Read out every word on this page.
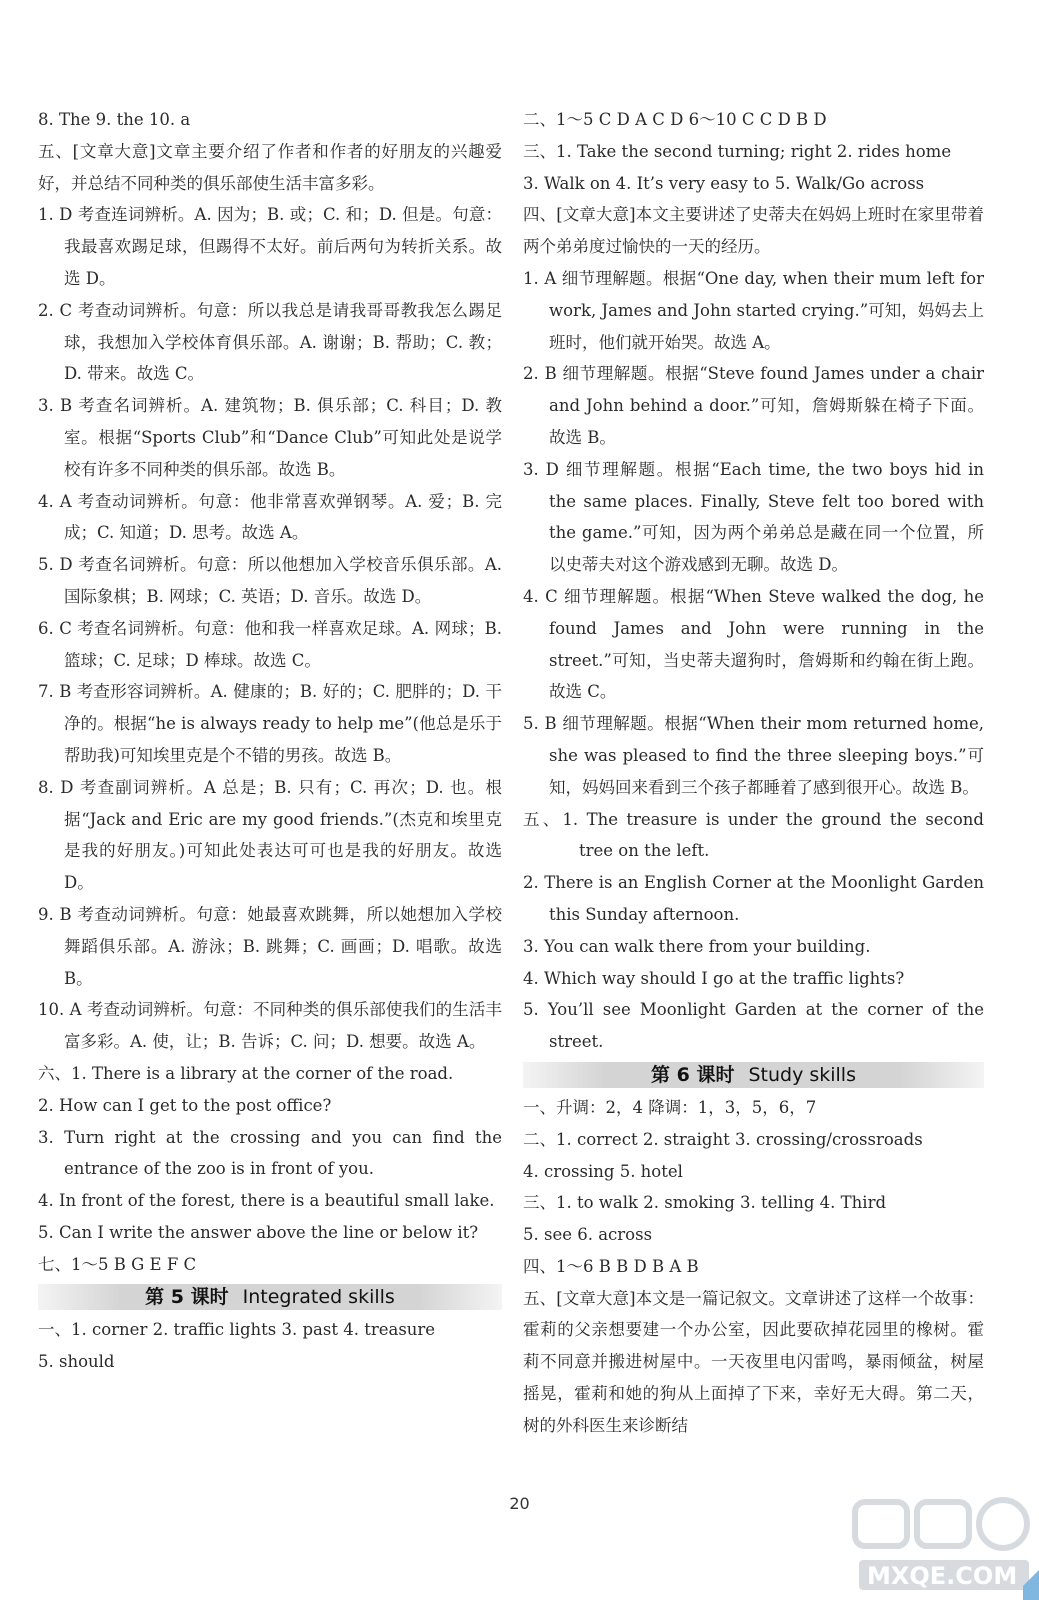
8. The 9. the 10. a

五、[文章大意]文章主要介绍了作者和作者的好朋友的兴趣爱好，并总结不同种类的俱乐部使生活丰富多彩。

1. D 考查连词辨析。A. 因为；B. 或；C. 和；D. 但是。句意：我最喜欢踢足球，但踢得不太好。前后两句为转折关系。故选 D。

2. C 考查动词辨析。句意：所以我总是请我哥哥教我怎么踢足球，我想加入学校体育俱乐部。A. 谢谢；B. 帮助；C. 教；D. 带来。故选 C。

3. B 考查名词辨析。A. 建筑物；B. 俱乐部；C. 科目；D. 教室。根据“Sports Club”和“Dance Club”可知此处是说学校有许多不同种类的俱乐部。故选 B。

4. A 考查动词辨析。句意：他非常喜欢弹钢琴。A. 爱；B. 完成；C. 知道；D. 思考。故选 A。

5. D 考查名词辨析。句意：所以他想加入学校音乐俱乐部。A. 国际象棋；B. 网球；C. 英语；D. 音乐。故选 D。

6. C 考查名词辨析。句意：他和我一样喜欢足球。A. 网球；B. 篮球；C. 足球；D 棒球。故选 C。

7. B 考查形容词辨析。A. 健康的；B. 好的；C. 肥胖的；D. 干净的。根据“he is always ready to help me”(他总是乐于帮助我)可知埃里克是个不错的男孩。故选 B。

8. D 考查副词辨析。A 总是；B. 只有；C. 再次；D. 也。根据“Jack and Eric are my good friends.”(杰克和埃里克是我的好朋友。)可知此处表达可可也是我的好朋友。故选 D。

9. B 考查动词辨析。句意：她最喜欢跳舞，所以她想加入学校舞蹈俱乐部。A. 游泳；B. 跳舞；C. 画画；D. 唱歌。故选 B。

10. A 考查动词辨析。句意：不同种类的俱乐部使我们的生活丰富多彩。A. 使，让；B. 告诉；C. 问；D. 想要。故选 A。

六、1. There is a library at the corner of the road.

2. How can I get to the post office?

3. Turn right at the crossing and you can find the entrance of the zoo is in front of you.

4. In front of the forest, there is a beautiful small lake.

5. Can I write the answer above the line or below it?

七、1～5 B G E F C

第 5 课时 Integrated skills

一、1. corner 2. traffic lights 3. past 4. treasure

5. should

二、1～5 C D A C D 6～10 C C D B D

三、1. Take the second turning; right 2. rides home

3. Walk on 4. It’s very easy to 5. Walk/Go across

四、[文章大意]本文主要讲述了史蒂夫在妈妈上班时在家里带着两个弟弟度过愉快的一天的经历。

1. A 细节理解题。根据“One day, when their mum left for work, James and John started crying.”可知，妈妈去上班时，他们就开始哭。故选 A。

2. B 细节理解题。根据“Steve found James under a chair and John behind a door.”可知，詹姆斯躲在椅子下面。故选 B。

3. D 细节理解题。根据“Each time, the two boys hid in the same places. Finally, Steve felt too bored with the game.”可知，因为两个弟弟总是藏在同一个位置，所以史蒂夫对这个游戏感到无聊。故选 D。

4. C 细节理解题。根据“When Steve walked the dog, he found James and John were running in the street.”可知，当史蒂夫遛狗时，詹姆斯和约翰在街上跑。故选 C。

5. B 细节理解题。根据“When their mom returned home, she was pleased to find the three sleeping boys.”可知，妈妈回来看到三个孩子都睡着了感到很开心。故选 B。

五、1. The treasure is under the ground the second tree on the left.

2. There is an English Corner at the Moonlight Garden this Sunday afternoon.

3. You can walk there from your building.

4. Which way should I go at the traffic lights?

5. You’ll see Moonlight Garden at the corner of the street.

第 6 课时 Study skills

一、升调：2，4 降调：1，3，5，6，7

二、1. correct 2. straight 3. crossing/crossroads

4. crossing 5. hotel

三、1. to walk 2. smoking 3. telling 4. Third

5. see 6. across

四、1～6 B B D B A B

五、[文章大意]本文是一篇记叙文。文章讲述了这样一个故事：霍莉的父亲想要建一个办公室，因此要砍掉花园里的橡树。霍莉不同意并搬进树屋中。一天夜里电闪雷鸣，暴雨倾盆，树屋摇晃，霍莉和她的狗从上面掉了下来，幸好无大碍。第二天，树的外科医生来诊断结

20
MXQE.COM
